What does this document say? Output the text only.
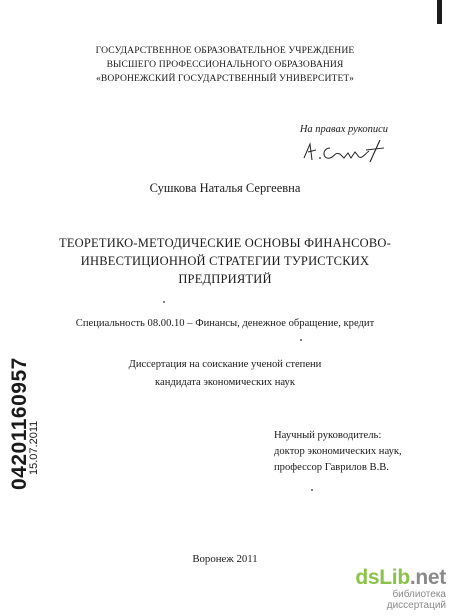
ГОСУДАРСТВЕННОЕ ОБРАЗОВАТЕЛЬНОЕ УЧРЕЖДЕНИЕ
ВЫСШЕГО ПРОФЕССИОНАЛЬНОГО ОБРАЗОВАНИЯ
«ВОРОНЕЖСКИЙ ГОСУДАРСТВЕННЫЙ УНИВЕРСИТЕТ»
На правах рукописи
Сушкова Наталья Сергеевна
ТЕОРЕТИКО-МЕТОДИЧЕСКИЕ ОСНОВЫ ФИНАНСОВО-
ИНВЕСТИЦИОННОЙ СТРАТЕГИИ ТУРИСТСКИХ
ПРЕДПРИЯТИЙ
Специальность 08.00.10 – Финансы, денежное обращение, кредит
Диссертация на соискание ученой степени
кандидата экономических наук
Научный руководитель:
доктор экономических наук,
профессор Гаврилов В.В.
04201160957
15.07.2011
Воронеж 2011
dsLib.net
библиотека диссертаций
